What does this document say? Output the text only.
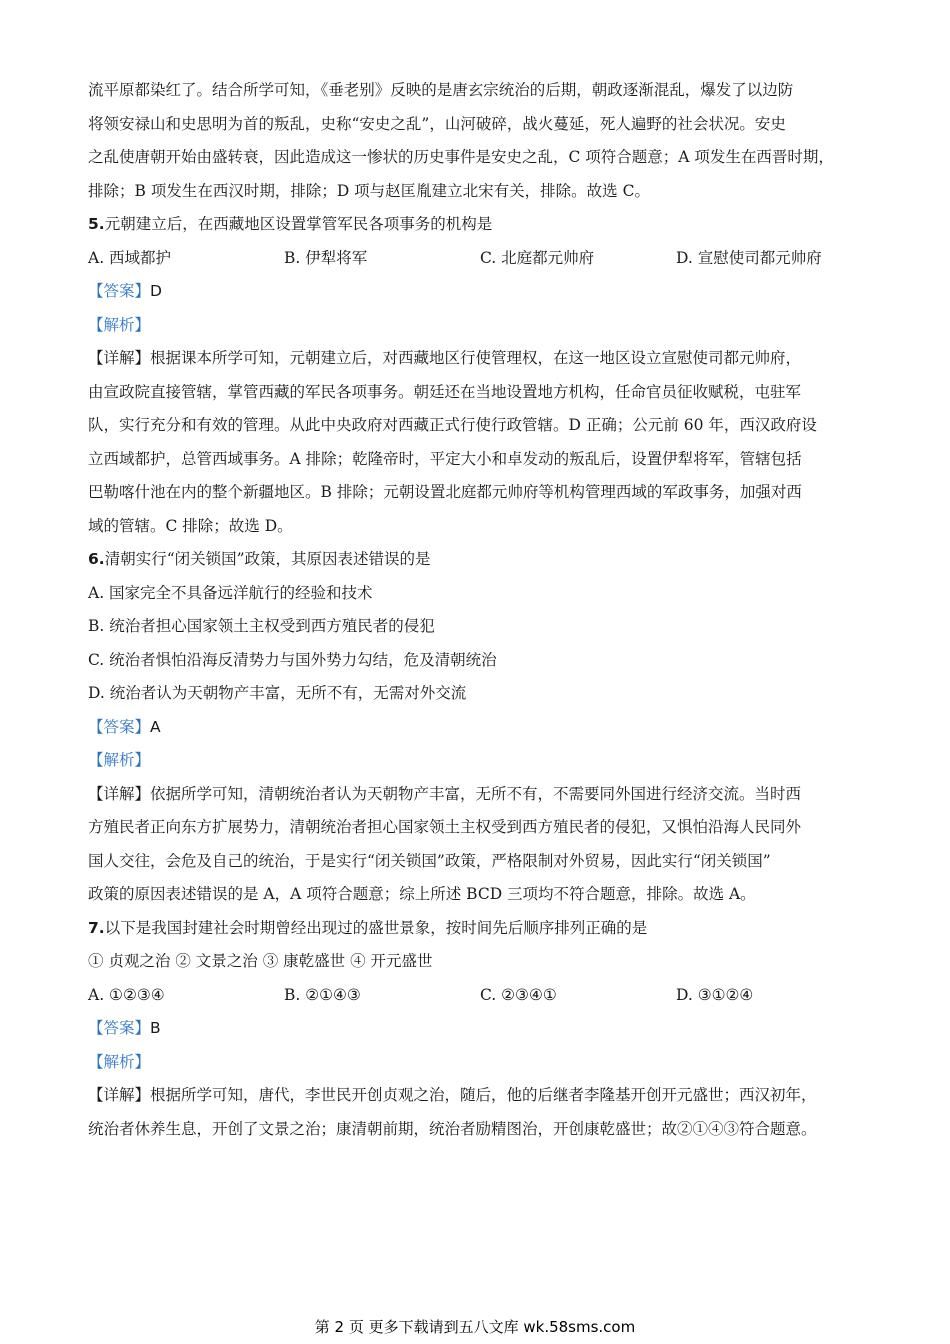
流平原都染红了。结合所学可知，《垂老别》反映的是唐玄宗统治的后期，朝政逐渐混乱，爆发了以边防
将领安禄山和史思明为首的叛乱，史称“安史之乱”，山河破碎，战火蔓延，死人遍野的社会状况。安史
之乱使唐朝开始由盛转衰，因此造成这一惨状的历史事件是安史之乱，C 项符合题意；A 项发生在西晋时期，
排除；B 项发生在西汉时期，排除；D 项与赵匡胤建立北宋有关，排除。故选 C。
5.元朝建立后，在西藏地区设置掌管军民各项事务的机构是
A. 西域都护	B. 伊犁将军	C. 北庭都元帅府	D. 宣慰使司都元帅府
【答案】D
【解析】
【详解】根据课本所学可知，元朝建立后，对西藏地区行使管理权，在这一地区设立宣慰使司都元帅府，
由宣政院直接管辖，掌管西藏的军民各项事务。朝廷还在当地设置地方机构，任命官员征收赋税，屯驻军
队，实行充分和有效的管理。从此中央政府对西藏正式行使行政管辖。D 正确；公元前 60 年，西汉政府设
立西域都护，总管西域事务。A 排除；乾隆帝时，平定大小和卓发动的叛乱后，设置伊犁将军，管辖包括
巴勒喀什池在内的整个新疆地区。B 排除；元朝设置北庭都元帅府等机构管理西域的军政事务，加强对西
域的管辖。C 排除；故选 D。
6.清朝实行“闭关锁国”政策，其原因表述错误的是
A. 国家完全不具备远洋航行的经验和技术
B. 统治者担心国家领土主权受到西方殖民者的侵犯
C. 统治者惧怕沿海反清势力与国外势力勾结，危及清朝统治
D. 统治者认为天朝物产丰富，无所不有，无需对外交流
【答案】A
【解析】
【详解】依据所学可知，清朝统治者认为天朝物产丰富，无所不有，不需要同外国进行经济交流。当时西
方殖民者正向东方扩展势力，清朝统治者担心国家领土主权受到西方殖民者的侵犯，又惧怕沿海人民同外
国人交往，会危及自己的统治，于是实行“闭关锁国”政策，严格限制对外贸易，因此实行“闭关锁国”
政策的原因表述错误的是 A，A 项符合题意；综上所述 BCD 三项均不符合题意，排除。故选 A。
7.以下是我国封建社会时期曾经出现过的盛世景象，按时间先后顺序排列正确的是
① 贞观之治 ② 文景之治 ③ 康乾盛世 ④ 开元盛世
A. ①②③④	B. ②①④③	C. ②③④①	D. ③①②④
【答案】B
【解析】
【详解】根据所学可知，唐代，李世民开创贞观之治，随后，他的后继者李隆基开创开元盛世；西汉初年，
统治者休养生息，开创了文景之治；康清朝前期，统治者励精图治，开创康乾盛世；故②①④③符合题意。
第 2 页 更多下载请到五八文库 wk.58sms.com
